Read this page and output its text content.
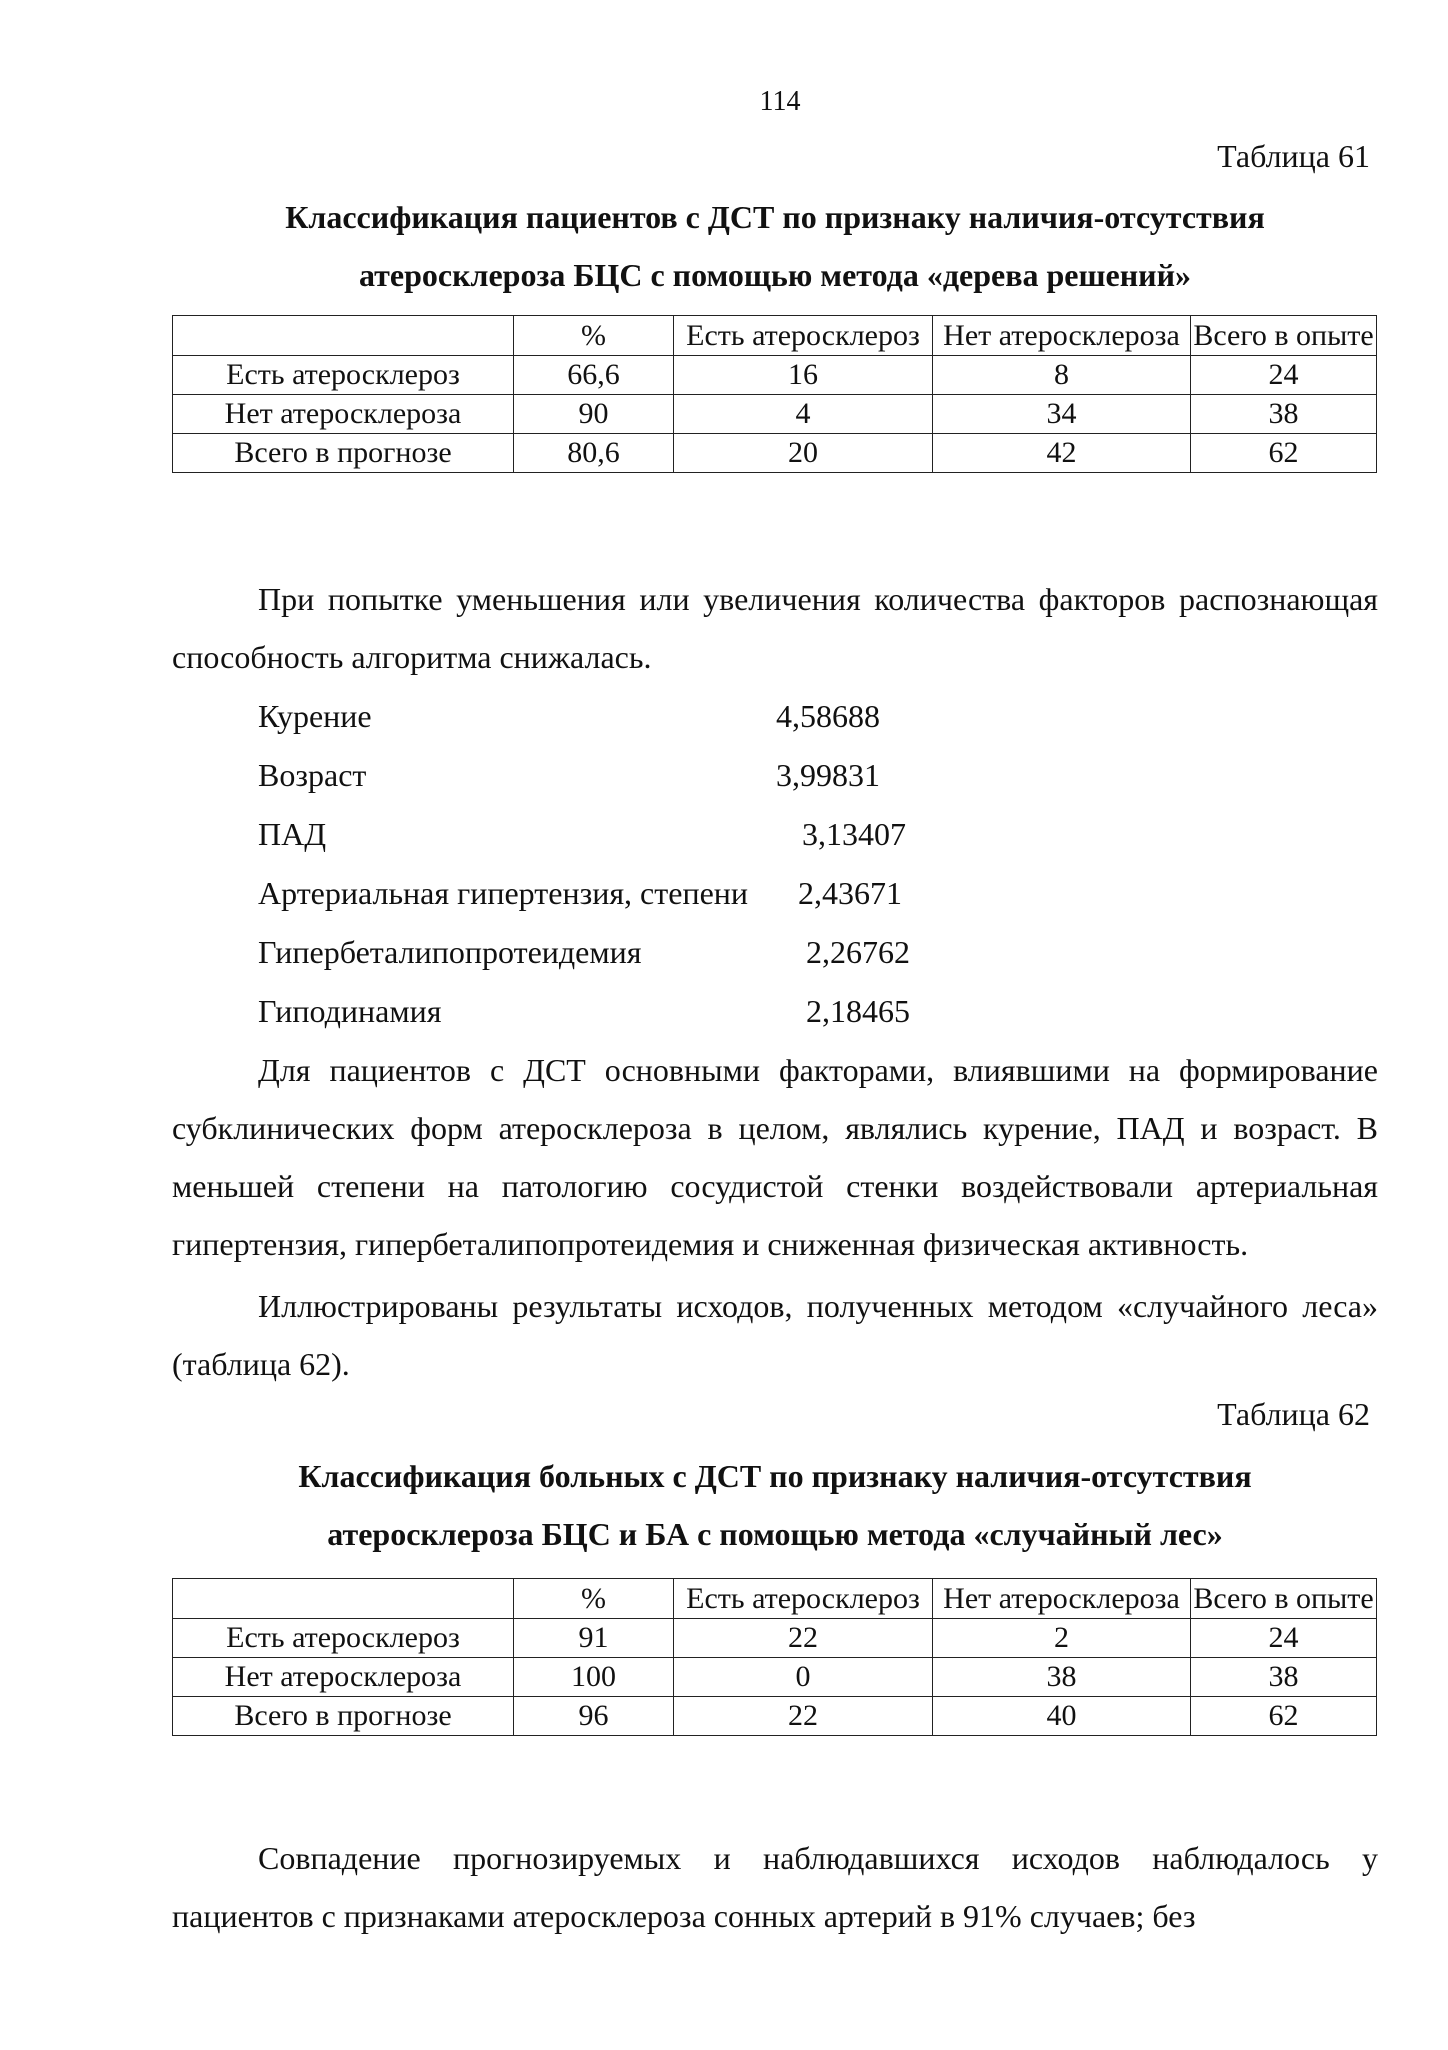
114
Таблица 61
Классификация пациентов с ДСТ по признаку наличия-отсутствия
атеросклероза БЦС с помощью метода «дерева решений»
	%	Есть атеросклероз	Нет атеросклероза	Всего в опыте
Есть атеросклероз	66,6	16	8	24
Нет атеросклероза	90	4	34	38
Всего в прогнозе	80,6	20	42	62

При попытке уменьшения или увеличения количества факторов распознающая способность алгоритма снижалась.

Курение	4,58688
Возраст	3,99831
ПАД	3,13407
Артериальная гипертензия, степени 2,43671
Гипербеталипопротеидемия	2,26762
Гиподинамия	2,18465

Для пациентов с ДСТ основными факторами, влиявшими на формирование субклинических форм атеросклероза в целом, являлись курение, ПАД и возраст. В меньшей степени на патологию сосудистой стенки воздействовали артериальная гипертензия, гипербеталипопротеидемия и сниженная физическая активность.

Иллюстрированы результаты исходов, полученных методом «случайного леса» (таблица 62).

Таблица 62
Классификация больных с ДСТ по признаку наличия-отсутствия
атеросклероза БЦС и БА с помощью метода «случайный лес»
	%	Есть атеросклероз	Нет атеросклероза	Всего в опыте
Есть атеросклероз	91	22	2	24
Нет атеросклероза	100	0	38	38
Всего в прогнозе	96	22	40	62

Совпадение прогнозируемых и наблюдавшихся исходов наблюдалось у пациентов с признаками атеросклероза сонных артерий в 91% случаев; без
